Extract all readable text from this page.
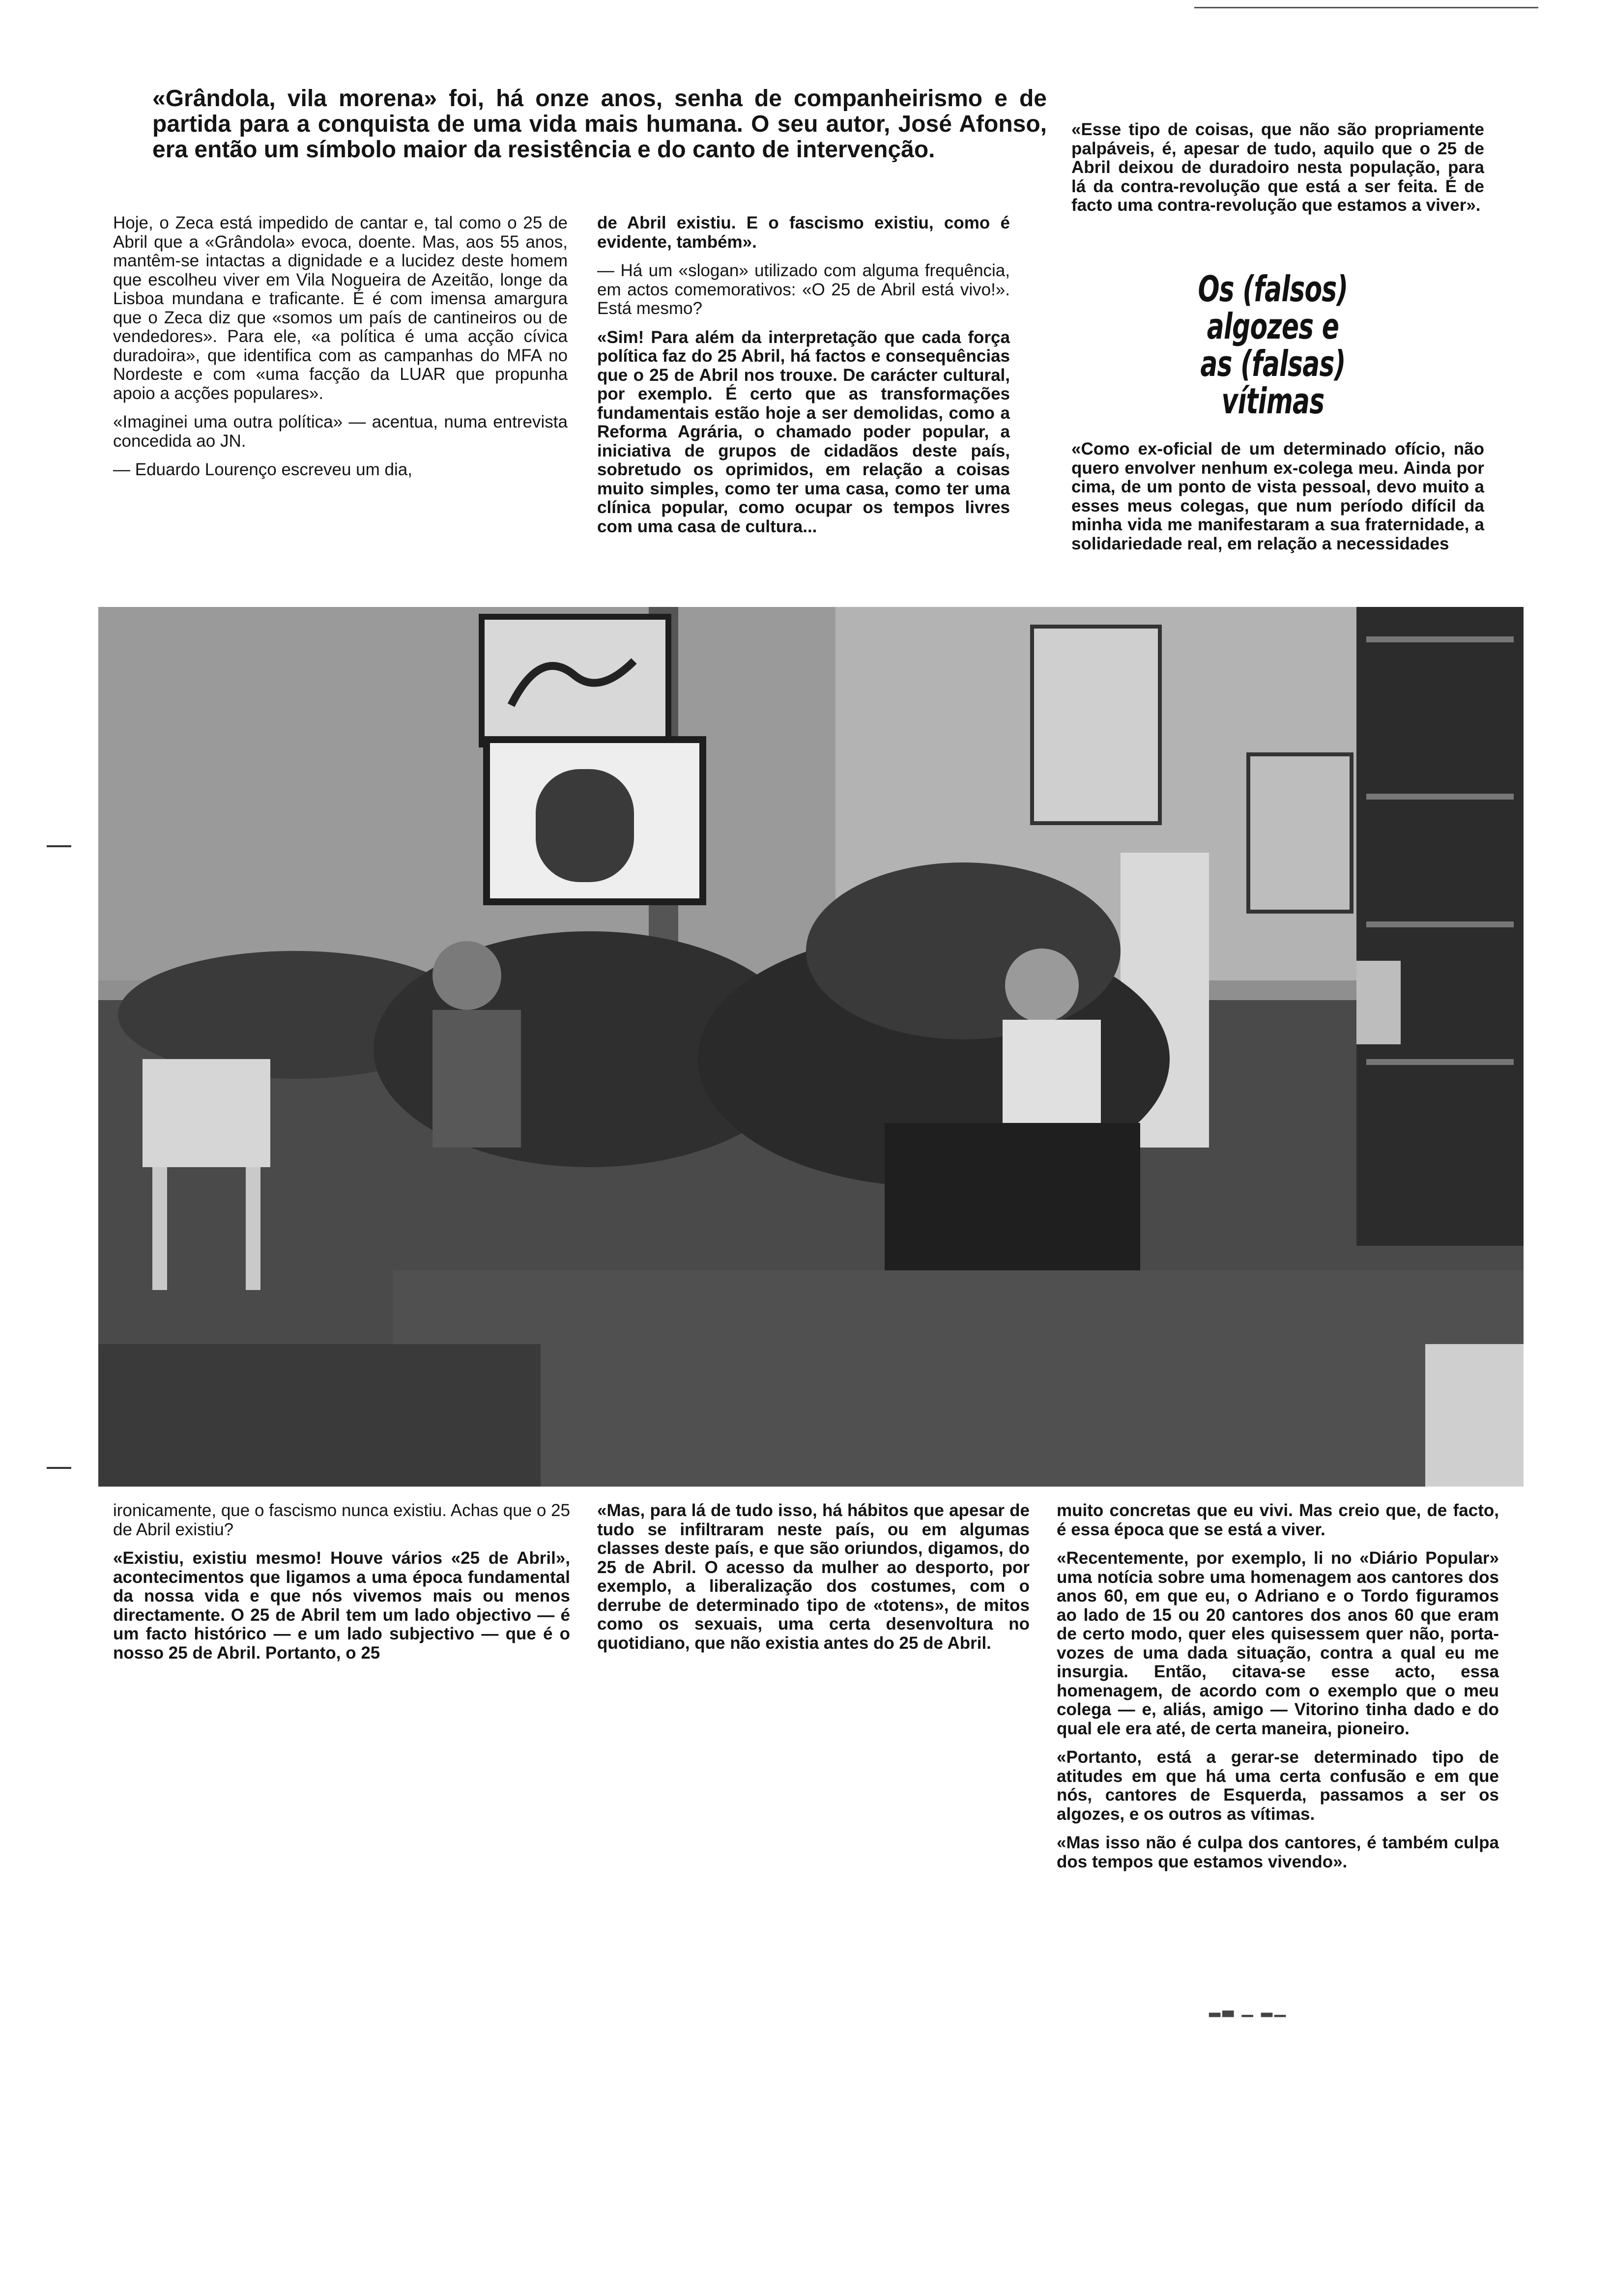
«Grândola, vila morena» foi, há onze anos, senha de companheirismo e de partida para a conquista de uma vida mais humana. O seu autor, José Afonso, era então um símbolo maior da resistência e do canto de intervenção.

Hoje, o Zeca está impedido de cantar e, tal como o 25 de Abril que a «Grândola» evoca, doente. Mas, aos 55 anos, mantêm-se intactas a dignidade e a lucidez deste homem que escolheu viver em Vila Nogueira de Azeitão, longe da Lisboa mundana e traficante. É é com imensa amargura que o Zeca diz que «somos um país de cantineiros ou de vendedores». Para ele, «a política é uma acção cívica duradoira», que identifica com as campanhas do MFA no Nordeste e com «uma facção da LUAR que propunha apoio a acções populares».

«Imaginei uma outra política» — acentua, numa entrevista concedida ao JN.

— Eduardo Lourenço escreveu um dia,

de Abril existiu. E o fascismo existiu, como é evidente, também».

— Há um «slogan» utilizado com alguma frequência, em actos comemorativos: «O 25 de Abril está vivo!». Está mesmo?

«Sim! Para além da interpretação que cada força política faz do 25 Abril, há factos e consequências que o 25 de Abril nos trouxe. De carácter cultural, por exemplo. É certo que as transformações fundamentais estão hoje a ser demolidas, como a Reforma Agrária, o chamado poder popular, a iniciativa de grupos de cidadãos deste país, sobretudo os oprimidos, em relação a coisas muito simples, como ter uma casa, como ter uma clínica popular, como ocupar os tempos livres com uma casa de cultura...

«Esse tipo de coisas, que não são propriamente palpáveis, é, apesar de tudo, aquilo que o 25 de Abril deixou de duradoiro nesta população, para lá da contra-revolução que está a ser feita. É de facto uma contra-revolução que estamos a viver».

Os (falsos) algozes e as (falsas) vítimas

«Como ex-oficial de um determinado ofício, não quero envolver nenhum ex-colega meu. Ainda por cima, de um ponto de vista pessoal, devo muito a esses meus colegas, que num período difícil da minha vida me manifestaram a sua fraternidade, a solidariedade real, em relação a necessidades

ironicamente, que o fascismo nunca existiu. Achas que o 25 de Abril existiu?

«Existiu, existiu mesmo! Houve vários «25 de Abril», acontecimentos que ligamos a uma época fundamental da nossa vida e que nós vivemos mais ou menos directamente. O 25 de Abril tem um lado objectivo — é um facto histórico — e um lado subjectivo — que é o nosso 25 de Abril. Portanto, o 25

«Mas, para lá de tudo isso, há hábitos que apesar de tudo se infiltraram neste país, ou em algumas classes deste país, e que são oriundos, digamos, do 25 de Abril. O acesso da mulher ao desporto, por exemplo, a liberalização dos costumes, com o derrube de determinado tipo de «totens», de mitos como os sexuais, uma certa desenvoltura no quotidiano, que não existia antes do 25 de Abril.

muito concretas que eu vivi. Mas creio que, de facto, é essa época que se está a viver.

«Recentemente, por exemplo, li no «Diário Popular» uma notícia sobre uma homenagem aos cantores dos anos 60, em que eu, o Adriano e o Tordo figuramos ao lado de 15 ou 20 cantores dos anos 60 que eram de certo modo, quer eles quisessem quer não, porta-vozes de uma dada situação, contra a qual eu me insurgia. Então, citava-se esse acto, essa homenagem, de acordo com o exemplo que o meu colega — e, aliás, amigo — Vitorino tinha dado e do qual ele era até, de certa maneira, pioneiro.

«Portanto, está a gerar-se determinado tipo de atitudes em que há uma certa confusão e em que nós, cantores de Esquerda, passamos a ser os algozes, e os outros as vítimas.

«Mas isso não é culpa dos cantores, é também culpa dos tempos que estamos vivendo».

▂▃ ▁ ▂▁
